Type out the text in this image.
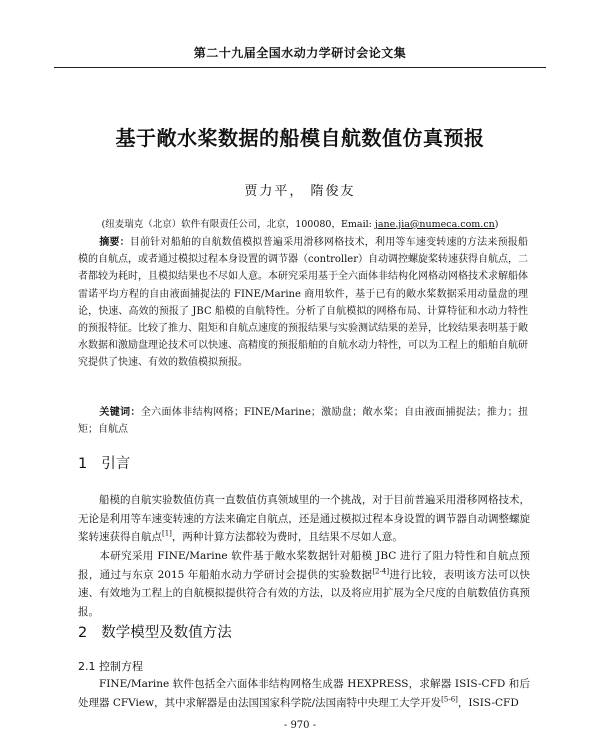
第二十九届全国水动力学研讨会论文集
基于敞水桨数据的船模自航数值仿真预报
贾力平， 隋俊友
(纽麦瑞克（北京）软件有限责任公司，北京，100080，Email: jane.jia@numeca.com.cn)
摘要：目前针对船舶的自航数值模拟普遍采用滑移网格技术，利用等车速变转速的方法来预报船模的自航点，或者通过模拟过程本身设置的调节器（controller）自动调控螺旋桨转速获得自航点，二者都较为耗时，且模拟结果也不尽如人意。本研究采用基于全六面体非结构化网格动网格技术求解船体雷诺平均方程的自由液面捕捉法的 FINE/Marine 商用软件，基于已有的敞水桨数据采用动量盘的理论，快速、高效的预报了 JBC 船模的自航特性。分析了自航模拟的网格布局、计算特征和水动力特性的预报特征。比较了推力、阻矩和自航点速度的预报结果与实验测试结果的差异，比较结果表明基于敞水数据和激励盘理论技术可以快速、高精度的预报船舶的自航水动力特性，可以为工程上的船舶自航研究提供了快速、有效的数值模拟预报。
关键词：全六面体非结构网格；FINE/Marine；激励盘；敞水桨；自由液面捕捉法；推力；扭矩；自航点
1 引言
船模的自航实验数值仿真一直数值仿真领域里的一个挑战，对于目前普遍采用滑移网格技术，无论是利用等车速变转速的方法来确定自航点，还是通过模拟过程本身设置的调节器自动调整螺旋桨转速获得自航点[1]，两种计算方法都较为费时，且结果不尽如人意。
本研究采用 FINE/Marine 软件基于敞水桨数据针对船模 JBC 进行了阻力特性和自航点预报，通过与东京 2015 年船舶水动力学研讨会提供的实验数据[2-4]进行比较，表明该方法可以快速、有效地为工程上的自航模拟提供符合有效的方法，以及将应用扩展为全尺度的自航数值仿真预报。
2 数学模型及数值方法
2.1 控制方程
FINE/Marine 软件包括全六面体非结构网格生成器 HEXPRESS，求解器 ISIS-CFD 和后处理器 CFView，其中求解器是由法国国家科学院/法国南特中央理工大学开发[5-6]，ISIS-CFD
- 970 -
